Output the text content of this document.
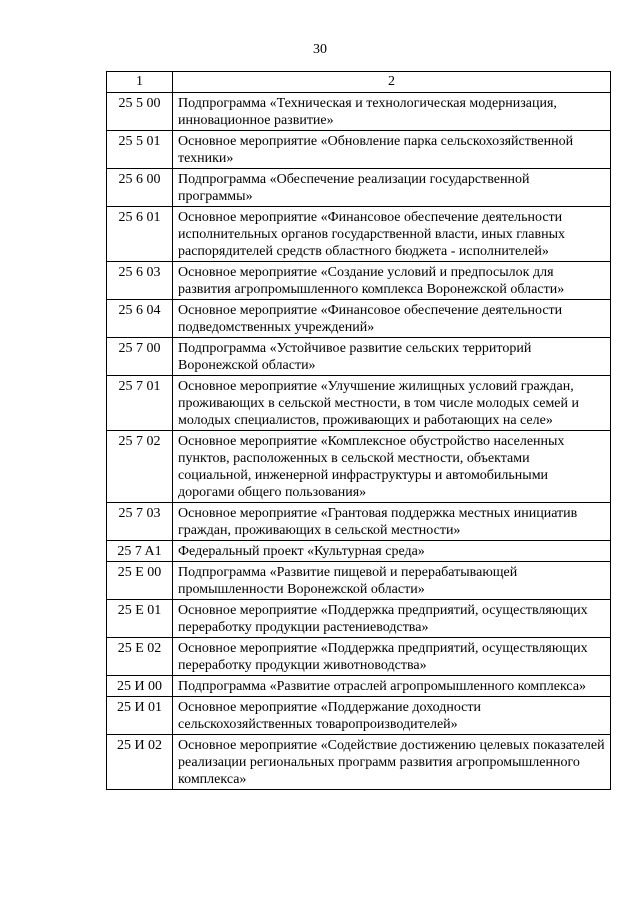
30
1	2
25 5 00	Подпрограмма «Техническая и технологическая модернизация, инновационное развитие»
25 5 01	Основное мероприятие «Обновление парка сельскохозяйственной техники»
25 6 00	Подпрограмма «Обеспечение реализации государственной программы»
25 6 01	Основное мероприятие «Финансовое обеспечение деятельности исполнительных органов государственной власти, иных главных распорядителей средств областного бюджета - исполнителей»
25 6 03	Основное мероприятие «Создание условий и предпосылок для развития агропромышленного комплекса Воронежской области»
25 6 04	Основное мероприятие «Финансовое обеспечение деятельности подведомственных учреждений»
25 7 00	Подпрограмма «Устойчивое развитие сельских территорий Воронежской области»
25 7 01	Основное мероприятие «Улучшение жилищных условий граждан, проживающих в сельской местности, в том числе молодых семей и молодых специалистов, проживающих и работающих на селе»
25 7 02	Основное мероприятие «Комплексное обустройство населенных пунктов, расположенных в сельской местности, объектами социальной, инженерной инфраструктуры и автомобильными дорогами общего пользования»
25 7 03	Основное мероприятие «Грантовая поддержка местных инициатив граждан, проживающих в сельской местности»
25 7 A1	Федеральный проект «Культурная среда»
25 Е 00	Подпрограмма «Развитие пищевой и перерабатывающей промышленности Воронежской области»
25 Е 01	Основное мероприятие «Поддержка предприятий, осуществляющих переработку продукции растениеводства»
25 Е 02	Основное мероприятие «Поддержка предприятий, осуществляющих переработку продукции животноводства»
25 И 00	Подпрограмма «Развитие отраслей агропромышленного комплекса»
25 И 01	Основное мероприятие «Поддержание доходности сельскохозяйственных товаропроизводителей»
25 И 02	Основное мероприятие «Содействие достижению целевых показателей реализации региональных программ развития агропромышленного комплекса»
